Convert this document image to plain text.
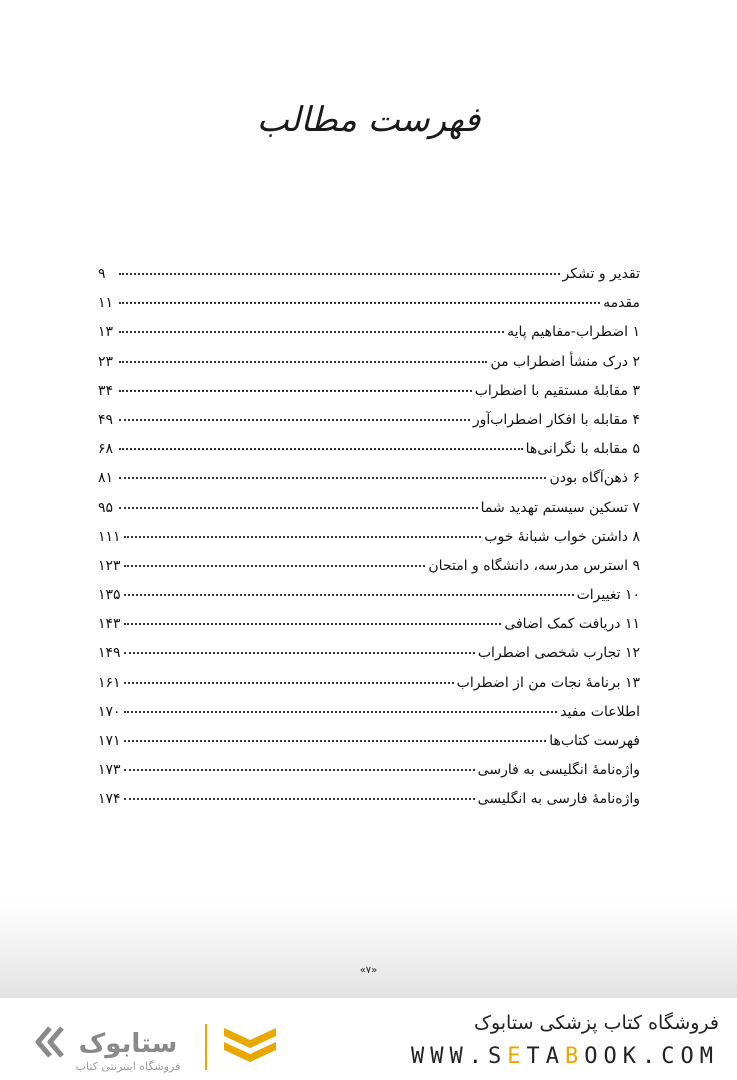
فهرست مطالب
تقدیر و تشکر
۹
مقدمه
۱۱
۱ اضطراب-مفاهیم پایه
۱۳
۲ درک منشأ اضطراب من
۲۳
۳ مقابلهٔ مستقیم با اضطراب
۳۴
۴ مقابله با افکار اضطراب‌آور
۴۹
۵ مقابله با نگرانی‌ها
۶۸
۶ ذهن‌آگاه بودن
۸۱
۷ تسکین سیستم تهدید شما
۹۵
۸ داشتن خواب شبانهٔ خوب
۱۱۱
۹ استرس مدرسه، دانشگاه و امتحان
۱۲۳
۱۰ تغییرات
۱۳۵
۱۱ دریافت کمک اضافی
۱۴۳
۱۲ تجارب شخصی اضطراب
۱۴۹
۱۳ برنامهٔ نجات من از اضطراب
۱۶۱
اطلاعات مفید
۱۷۰
فهرست کتاب‌ها
۱۷۱
واژه‌نامهٔ انگلیسی به فارسی
۱۷۳
واژه‌نامهٔ فارسی به انگلیسی
۱۷۴
«۷»
ستابوک
فروشگاه اینترنتی کتاب
فروشگاه کتاب پزشکی ستابوک
WWW.SETABOOK.COM
